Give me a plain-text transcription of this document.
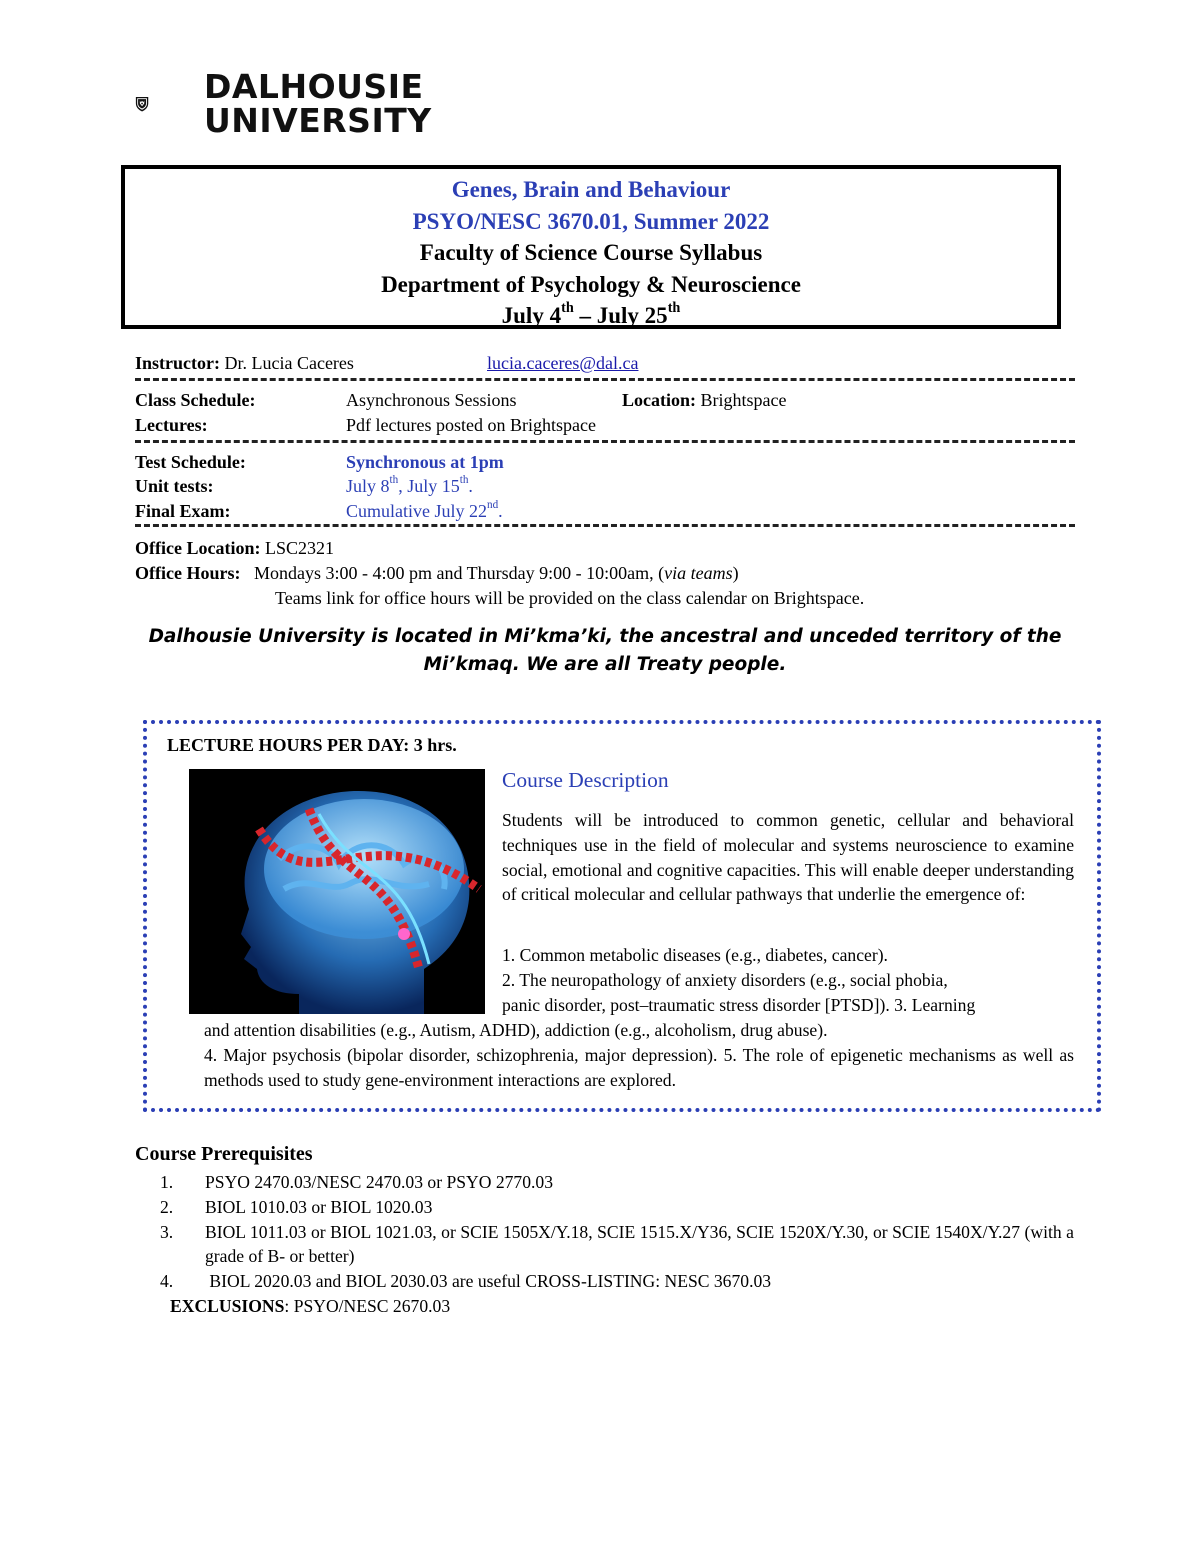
DALHOUSIE
UNIVERSITY
Genes, Brain and Behaviour
PSYO/NESC 3670.01, Summer 2022
Faculty of Science Course Syllabus
Department of Psychology & Neuroscience
July 4th – July 25th
Instructor: Dr. Lucia Caceres	lucia.caceres@dal.ca
Class Schedule:	Asynchronous Sessions	Location: Brightspace
Lectures:	Pdf lectures posted on Brightspace
Test Schedule:	Synchronous at 1pm
Unit tests:	July 8th, July 15th.
Final Exam:	Cumulative July 22nd.
Office Location: LSC2321
Office Hours: Mondays 3:00 - 4:00 pm and Thursday 9:00 - 10:00am, (via teams)
Teams link for office hours will be provided on the class calendar on Brightspace.
Dalhousie University is located in Mi’kma’ki, the ancestral and unceded territory of the
Mi’kmaq. We are all Treaty people.
LECTURE HOURS PER DAY: 3 hrs.
Course Description
Students will be introduced to common genetic, cellular and behavioral techniques use in the field of molecular and systems neuroscience to examine social, emotional and cognitive capacities. This will enable deeper understanding of critical molecular and cellular pathways that underlie the emergence of:
1. Common metabolic diseases (e.g., diabetes, cancer).
2. The neuropathology of anxiety disorders (e.g., social phobia,
panic disorder, post–traumatic stress disorder [PTSD]). 3. Learning
and attention disabilities (e.g., Autism, ADHD), addiction (e.g., alcoholism, drug abuse).
4. Major psychosis (bipolar disorder, schizophrenia, major depression). 5. The role of epigenetic mechanisms as well as methods used to study gene-environment interactions are explored.
Course Prerequisites
1.	PSYO 2470.03/NESC 2470.03 or PSYO 2770.03
2.	BIOL 1010.03 or BIOL 1020.03
3.	BIOL 1011.03 or BIOL 1021.03, or SCIE 1505X/Y.18, SCIE 1515.X/Y36, SCIE 1520X/Y.30, or SCIE 1540X/Y.27 (with a grade of B- or better)
4.	BIOL 2020.03 and BIOL 2030.03 are useful CROSS-LISTING: NESC 3670.03
EXCLUSIONS: PSYO/NESC 2670.03
